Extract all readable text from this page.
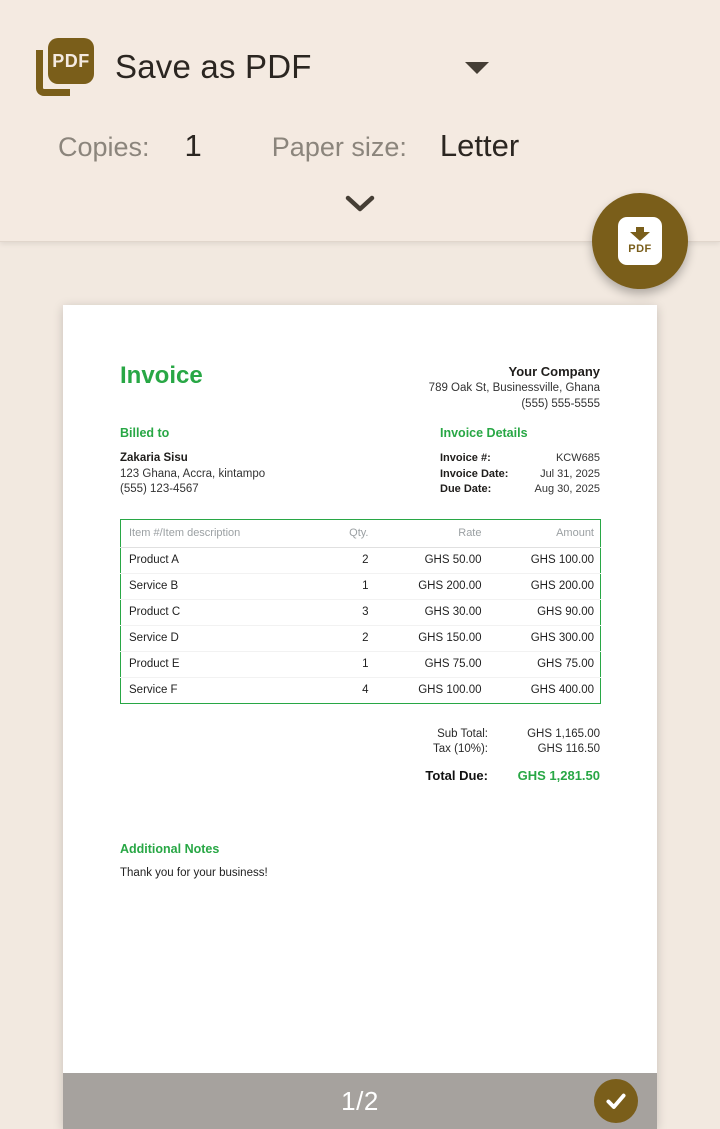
PDF Save as PDF
Copies: 1	Paper size: Letter
PDF
Invoice	Your Company
789 Oak St, Businessville, Ghana
(555) 555-5555
Billed to
Zakaria Sisu
123 Ghana, Accra, kintampo
(555) 123-4567
Invoice Details
Invoice #:	KCW685
Invoice Date:	Jul 31, 2025
Due Date:	Aug 30, 2025
Item #/Item description	Qty.	Rate	Amount
Product A	2	GHS 50.00	GHS 100.00
Service B	1	GHS 200.00	GHS 200.00
Product C	3	GHS 30.00	GHS 90.00
Service D	2	GHS 150.00	GHS 300.00
Product E	1	GHS 75.00	GHS 75.00
Service F	4	GHS 100.00	GHS 400.00
Sub Total:	GHS 1,165.00
Tax (10%):	GHS 116.50
Total Due:	GHS 1,281.50
Additional Notes
Thank you for your business!
1/2
